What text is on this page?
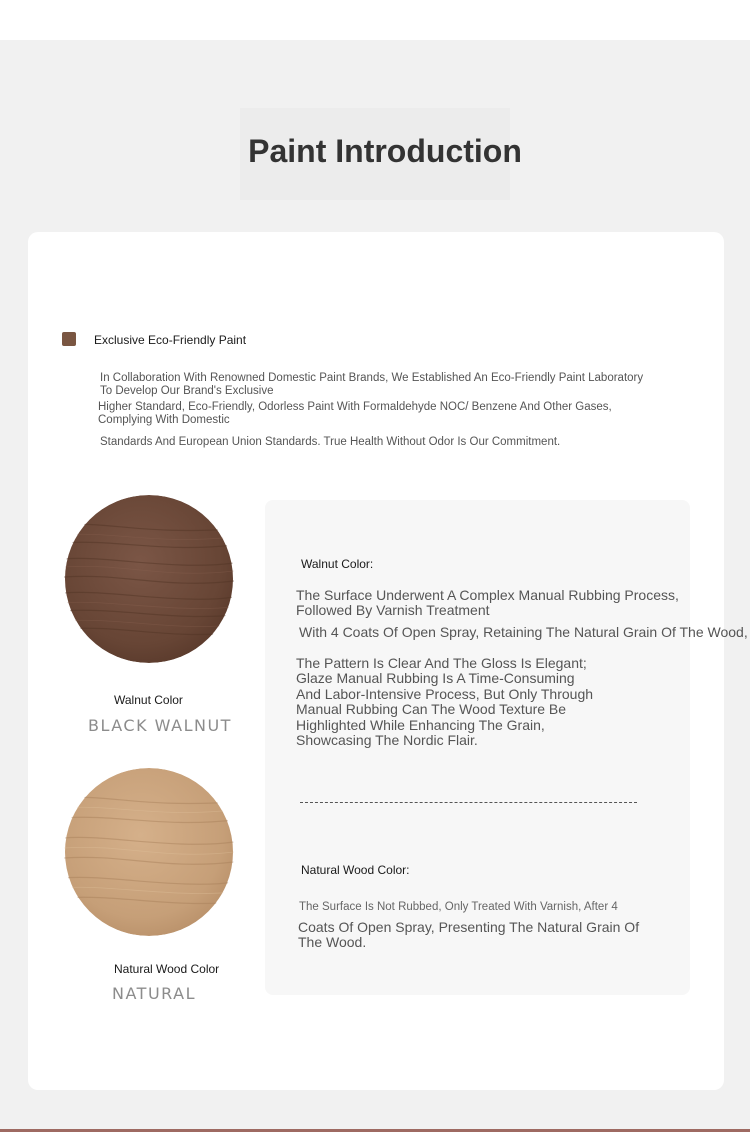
Paint Introduction
Exclusive Eco-Friendly Paint
In Collaboration With Renowned Domestic Paint Brands, We Established An Eco-Friendly Paint Laboratory
To Develop Our Brand's Exclusive
Higher Standard, Eco-Friendly, Odorless Paint With Formaldehyde NOC/ Benzene And Other Gases,
Complying With Domestic
Standards And European Union Standards. True Health Without Odor Is Our Commitment.
Walnut Color
BLACK WALNUT
Natural Wood Color
NATURAL
Walnut Color:
The Surface Underwent A Complex Manual Rubbing Process,
Followed By Varnish Treatment
With 4 Coats Of Open Spray, Retaining The Natural Grain Of The Wood,
The Pattern Is Clear And The Gloss Is Elegant;
Glaze Manual Rubbing Is A Time-Consuming
And Labor-Intensive Process, But Only Through
Manual Rubbing Can The Wood Texture Be
Highlighted While Enhancing The Grain,
Showcasing The Nordic Flair.
Natural Wood Color:
The Surface Is Not Rubbed, Only Treated With Varnish, After 4
Coats Of Open Spray, Presenting The Natural Grain Of
The Wood.
